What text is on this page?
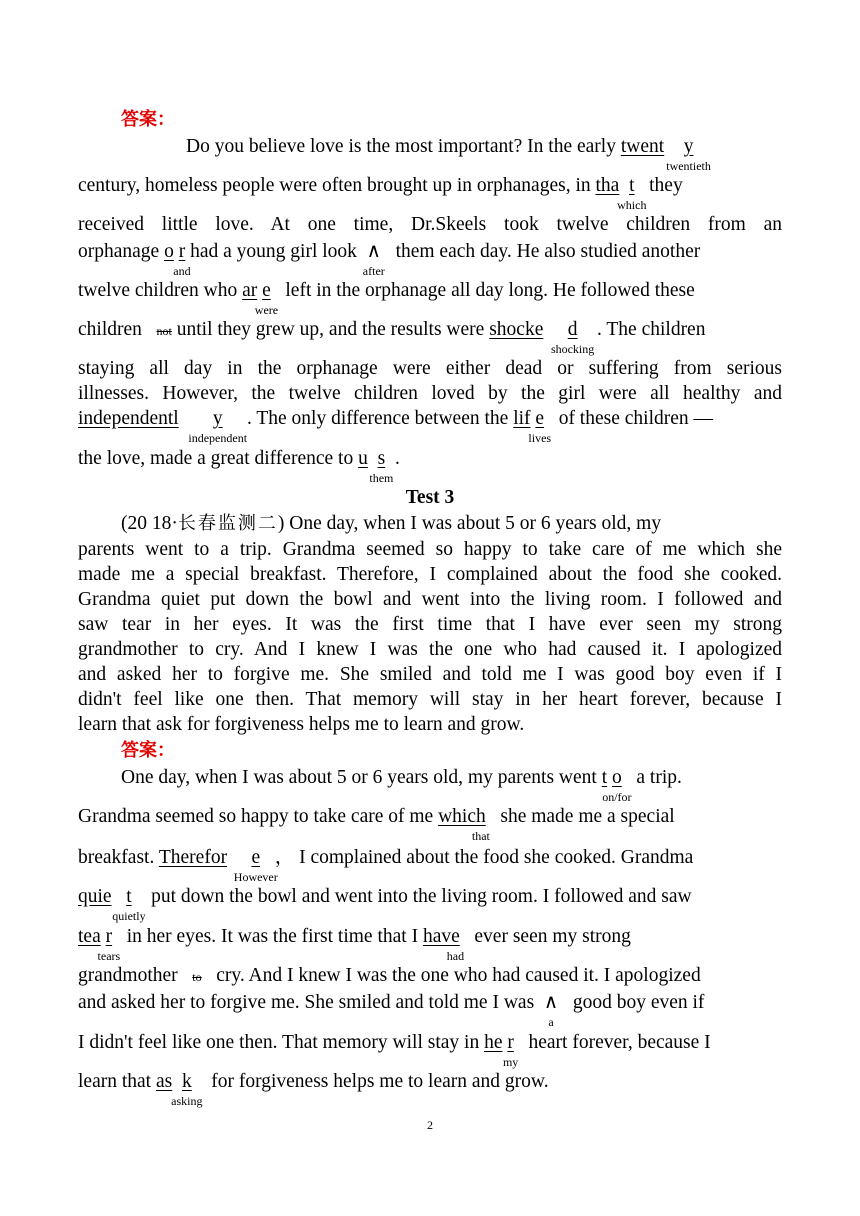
答案：
Do you believe love is the most important? In the early twent y
twentieth
century, homeless people were often brought up in orphanages, in tha t
which
they
received little love. At one time, Dr.Skeels took twelve children from an
orphanage o r
and
had a young girl look  ∧
after
them each day. He also studied another
twelve children who ar e
were
left in the orphanage all day long. He followed these
children   not until they grew up, and the results were shocke d
shocking
. The children
staying all day in the orphanage were either dead or suffering from serious
illnesses. However, the twelve children loved by the girl were all healthy and
independentl y
independent
. The only difference between the lif e
lives
of these children —
the love, made a great difference to u s
them
.
Test 3
(20 18·长春监测二) One day, when I was about 5 or 6 years old, my
parents went to a trip. Grandma seemed so happy to take care of me which she
made me a special breakfast. Therefore, I complained about the food she cooked.
Grandma quiet put down the bowl and went into the living room. I followed and
saw tear in her eyes. It was the first time that I have ever seen my strong
grandmother to cry. And I knew I was the one who had caused it. I apologized
and asked her to forgive me. She smiled and told me I was good boy even if I
didn't feel like one then. That memory will stay in her heart forever, because I
learn that ask for forgiveness helps me to learn and grow.
答案：
One day, when I was about 5 or 6 years old, my parents went t o
on/for
a trip.
Grandma seemed so happy to take care of me which
that
she made me a special
breakfast. Therefor e
However
， I complained about the food she cooked. Grandma
quie t
quietly
put down the bowl and went into the living room. I followed and saw
tea r
tears
in her eyes. It was the first time that I have
had
ever seen my strong
grandmother   to   cry. And I knew I was the one who had caused it. I apologized
and asked her to forgive me. She smiled and told me I was  ∧
a
good boy even if
I didn't feel like one then. That memory will stay in he r
my
heart forever, because I
learn that as k
asking
for forgiveness helps me to learn and grow.
2
